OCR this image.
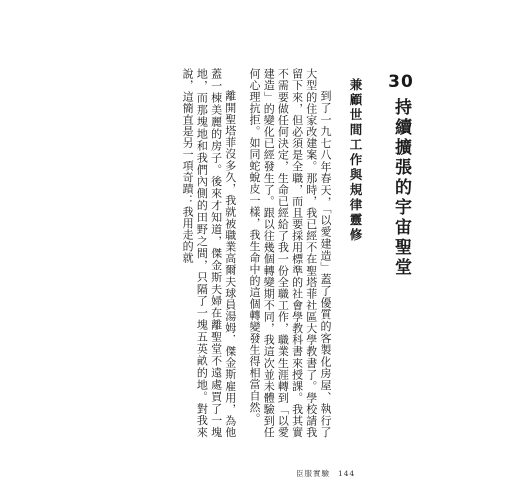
30
持續擴張的宇宙聖堂
兼顧世間工作與規律靈修

到了一九七八年春天，「以愛建造」蓋了優質的客製化房屋、執行了大型的住家改建案。那時，我已經不在聖塔菲社區大學教書了。學校請我留下來，但必須是全職，而且要採用標準的社會學教科書來授課。我其實不需要做任何決定，生命已經給了我一份全職工作，職業生涯轉到「以愛建造」的變化已經發生了。跟以往幾個轉變期不同，我這次並未體驗到任何心理抗拒。如同蛇蛻皮一樣，我生命中的這個轉變發生得相當自然。

離開聖塔菲沒多久，我就被職業高爾夫球員湯姆．傑金斯雇用，為他蓋一棟美麗的房子。後來才知道，傑金斯夫婦在離聖堂不遠處買了一塊地，而那塊地和我們內側的田野之間，只隔了一塊五英畝的地。對我來說，這簡直是另一項奇蹟：我用走的就

臣服實驗 144
